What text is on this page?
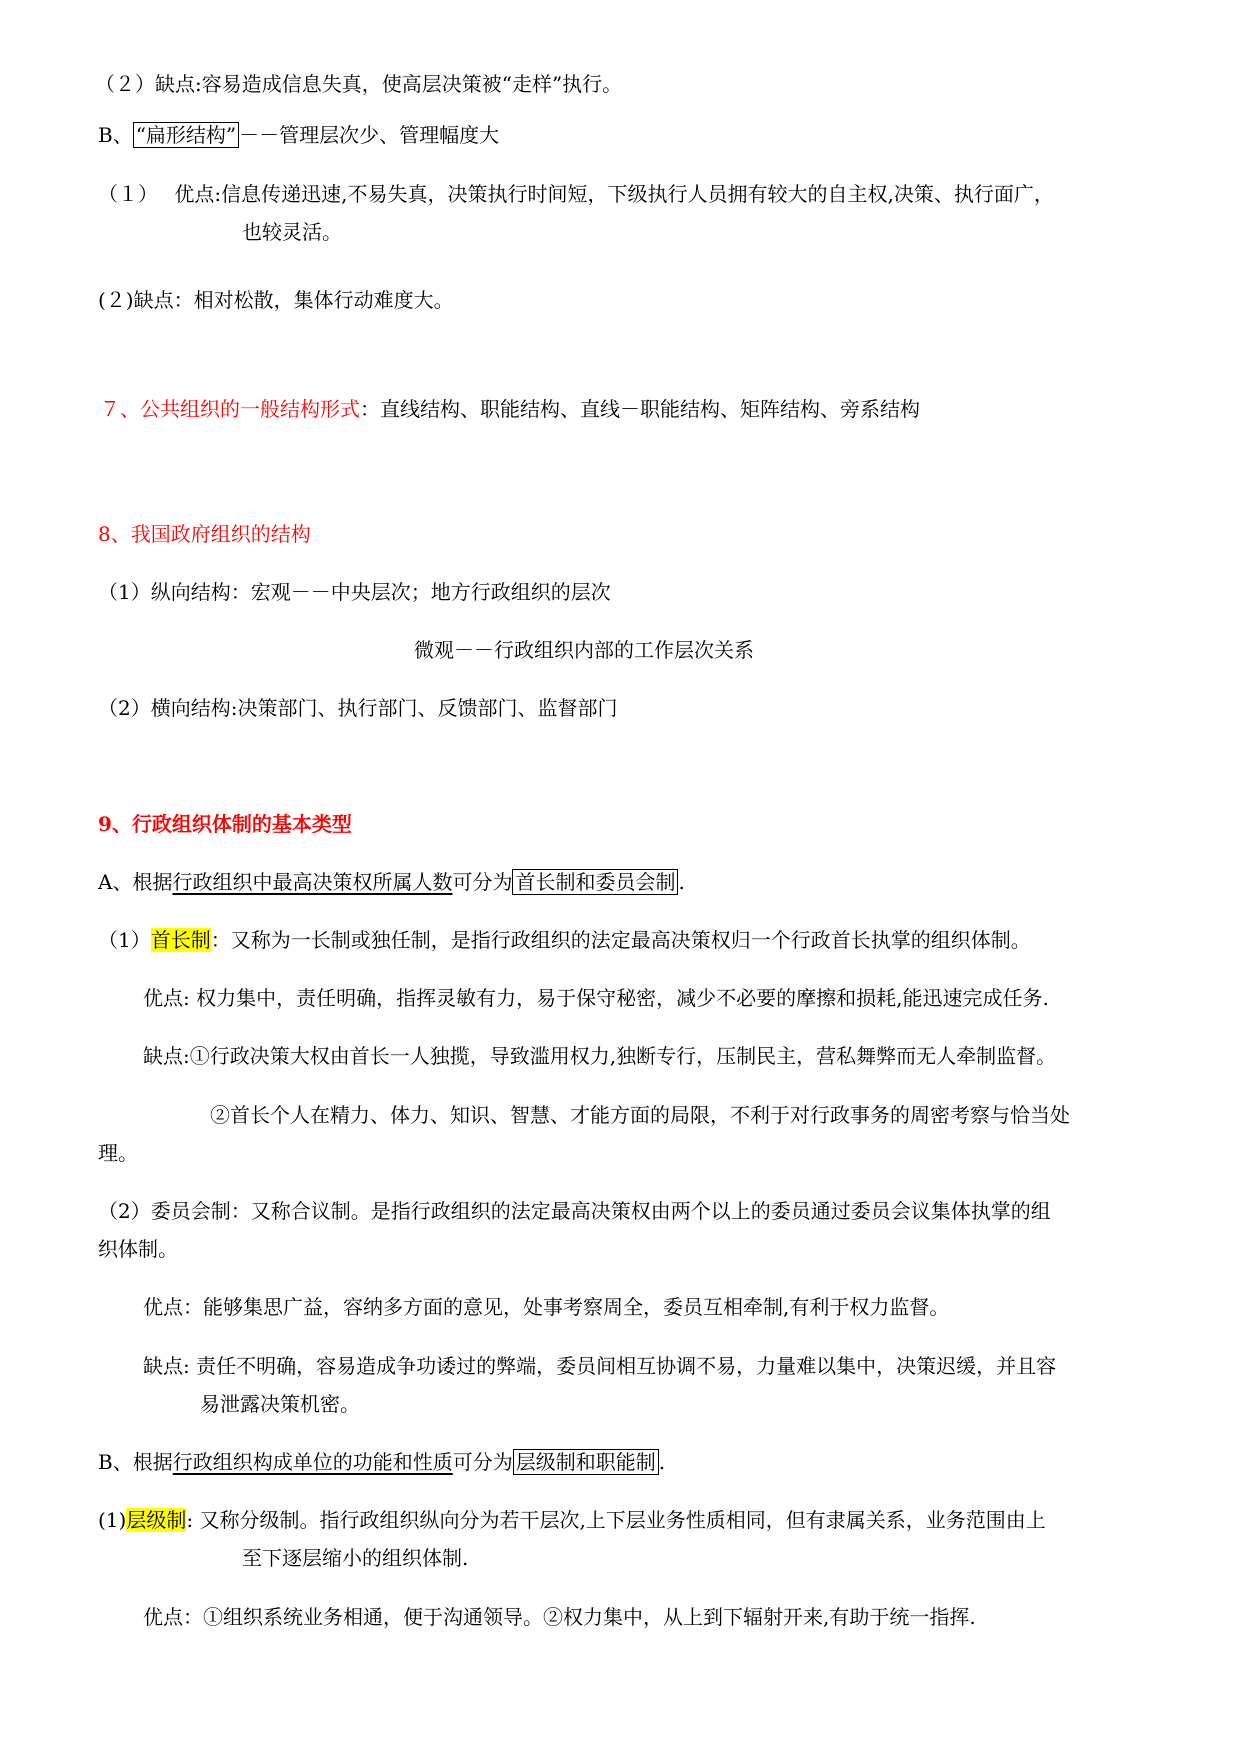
（２）缺点:容易造成信息失真，使高层决策被“走样”执行。
B、 “扁形结构” －－管理层次少、管理幅度大
（１）　 优点:信息传递迅速,不易失真，决策执行时间短，下级执行人员拥有较大的自主权,决策、执行面广，
也较灵活。
(２)缺点：相对松散，集体行动难度大。
７、公共组织的一般结构形式：直线结构、职能结构、直线－职能结构、矩阵结构、旁系结构
8、我国政府组织的结构
（1）纵向结构：宏观－－中央层次；地方行政组织的层次
微观－－行政组织内部的工作层次关系
（2）横向结构:决策部门、执行部门、反馈部门、监督部门
9、行政组织体制的基本类型
A、根据行政组织中最高决策权所属人数可分为 首长制和委员会制 .
（1）首长制：又称为一长制或独任制，是指行政组织的法定最高决策权归一个行政首长执掌的组织体制。
优点: 权力集中，责任明确，指挥灵敏有力，易于保守秘密，减少不必要的摩擦和损耗,能迅速完成任务.
缺点:①行政决策大权由首长一人独揽，导致滥用权力,独断专行，压制民主，营私舞弊而无人牵制监督。
②首长个人在精力、体力、知识、智慧、才能方面的局限，不利于对行政事务的周密考察与恰当处
理。
（2）委员会制：又称合议制。是指行政组织的法定最高决策权由两个以上的委员通过委员会议集体执掌的组
织体制。
优点：能够集思广益，容纳多方面的意见，处事考察周全，委员互相牵制,有利于权力监督。
缺点: 责任不明确，容易造成争功诿过的弊端，委员间相互协调不易，力量难以集中，决策迟缓，并且容
易泄露决策机密。
B、根据行政组织构成单位的功能和性质可分为 层级制和职能制 .
(1)层级制: 又称分级制。指行政组织纵向分为若干层次,上下层业务性质相同，但有隶属关系，业务范围由上
至下逐层缩小的组织体制.
优点：①组织系统业务相通，便于沟通领导。②权力集中，从上到下辐射开来,有助于统一指挥.
